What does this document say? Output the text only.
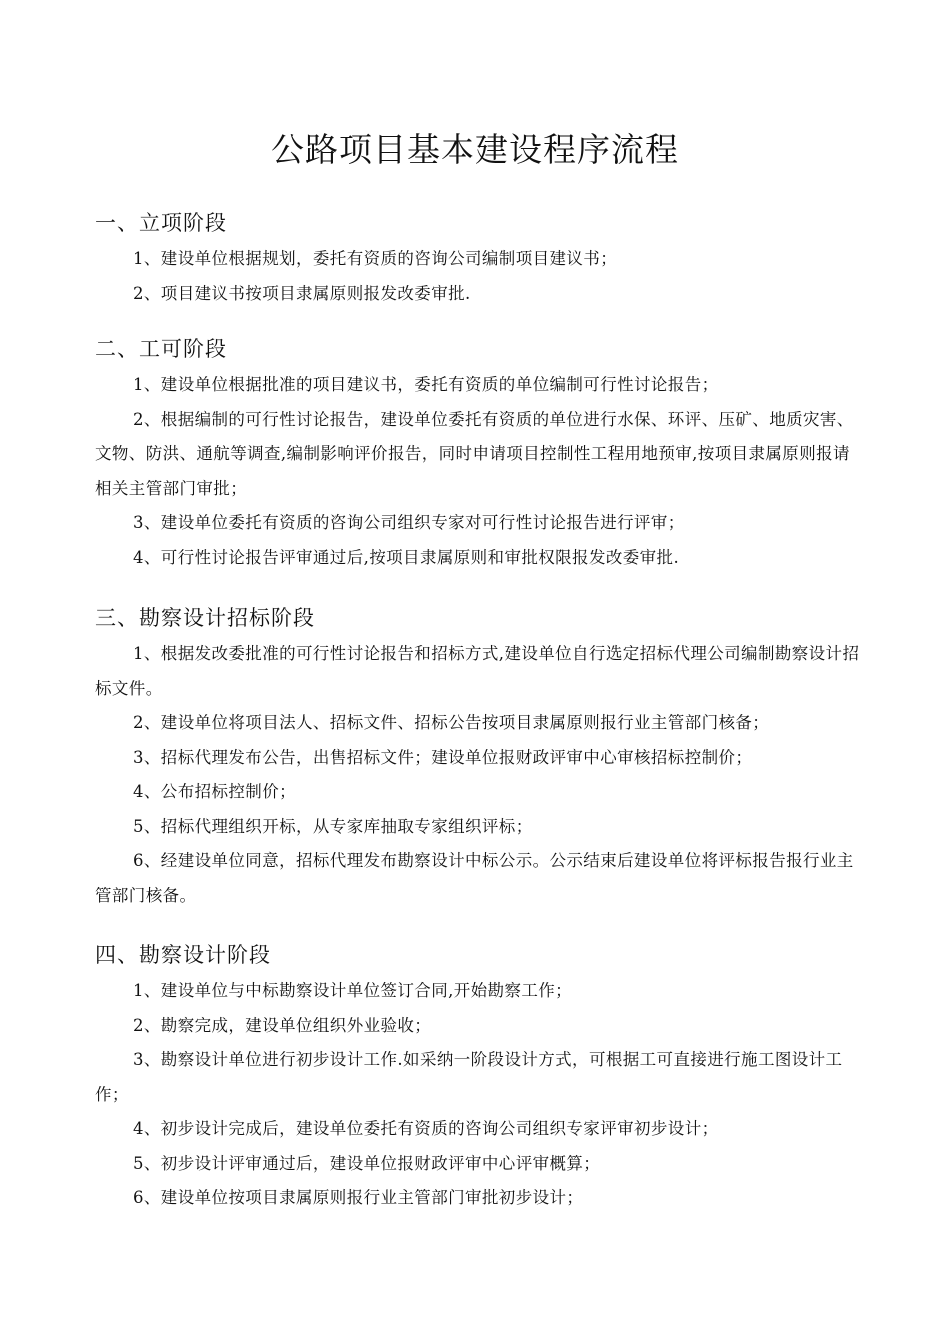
公路项目基本建设程序流程
一、立项阶段

1、建设单位根据规划，委托有资质的咨询公司编制项目建议书；

2、项目建议书按项目隶属原则报发改委审批.

二、工可阶段

1、建设单位根据批准的项目建议书，委托有资质的单位编制可行性讨论报告；

2、根据编制的可行性讨论报告，建设单位委托有资质的单位进行水保、环评、压矿、地质灾害、文物、防洪、通航等调查,编制影响评价报告，同时申请项目控制性工程用地预审,按项目隶属原则报请相关主管部门审批；

3、建设单位委托有资质的咨询公司组织专家对可行性讨论报告进行评审；

4、可行性讨论报告评审通过后,按项目隶属原则和审批权限报发改委审批.

三、勘察设计招标阶段

1、根据发改委批准的可行性讨论报告和招标方式,建设单位自行选定招标代理公司编制勘察设计招标文件。

2、建设单位将项目法人、招标文件、招标公告按项目隶属原则报行业主管部门核备；

3、招标代理发布公告，出售招标文件；建设单位报财政评审中心审核招标控制价；

4、公布招标控制价；

5、招标代理组织开标，从专家库抽取专家组织评标；

6、经建设单位同意，招标代理发布勘察设计中标公示。公示结束后建设单位将评标报告报行业主管部门核备。

四、勘察设计阶段

1、建设单位与中标勘察设计单位签订合同,开始勘察工作；

2、勘察完成，建设单位组织外业验收；

3、勘察设计单位进行初步设计工作.如采纳一阶段设计方式，可根据工可直接进行施工图设计工作；

4、初步设计完成后，建设单位委托有资质的咨询公司组织专家评审初步设计；

5、初步设计评审通过后，建设单位报财政评审中心评审概算；

6、建设单位按项目隶属原则报行业主管部门审批初步设计；
